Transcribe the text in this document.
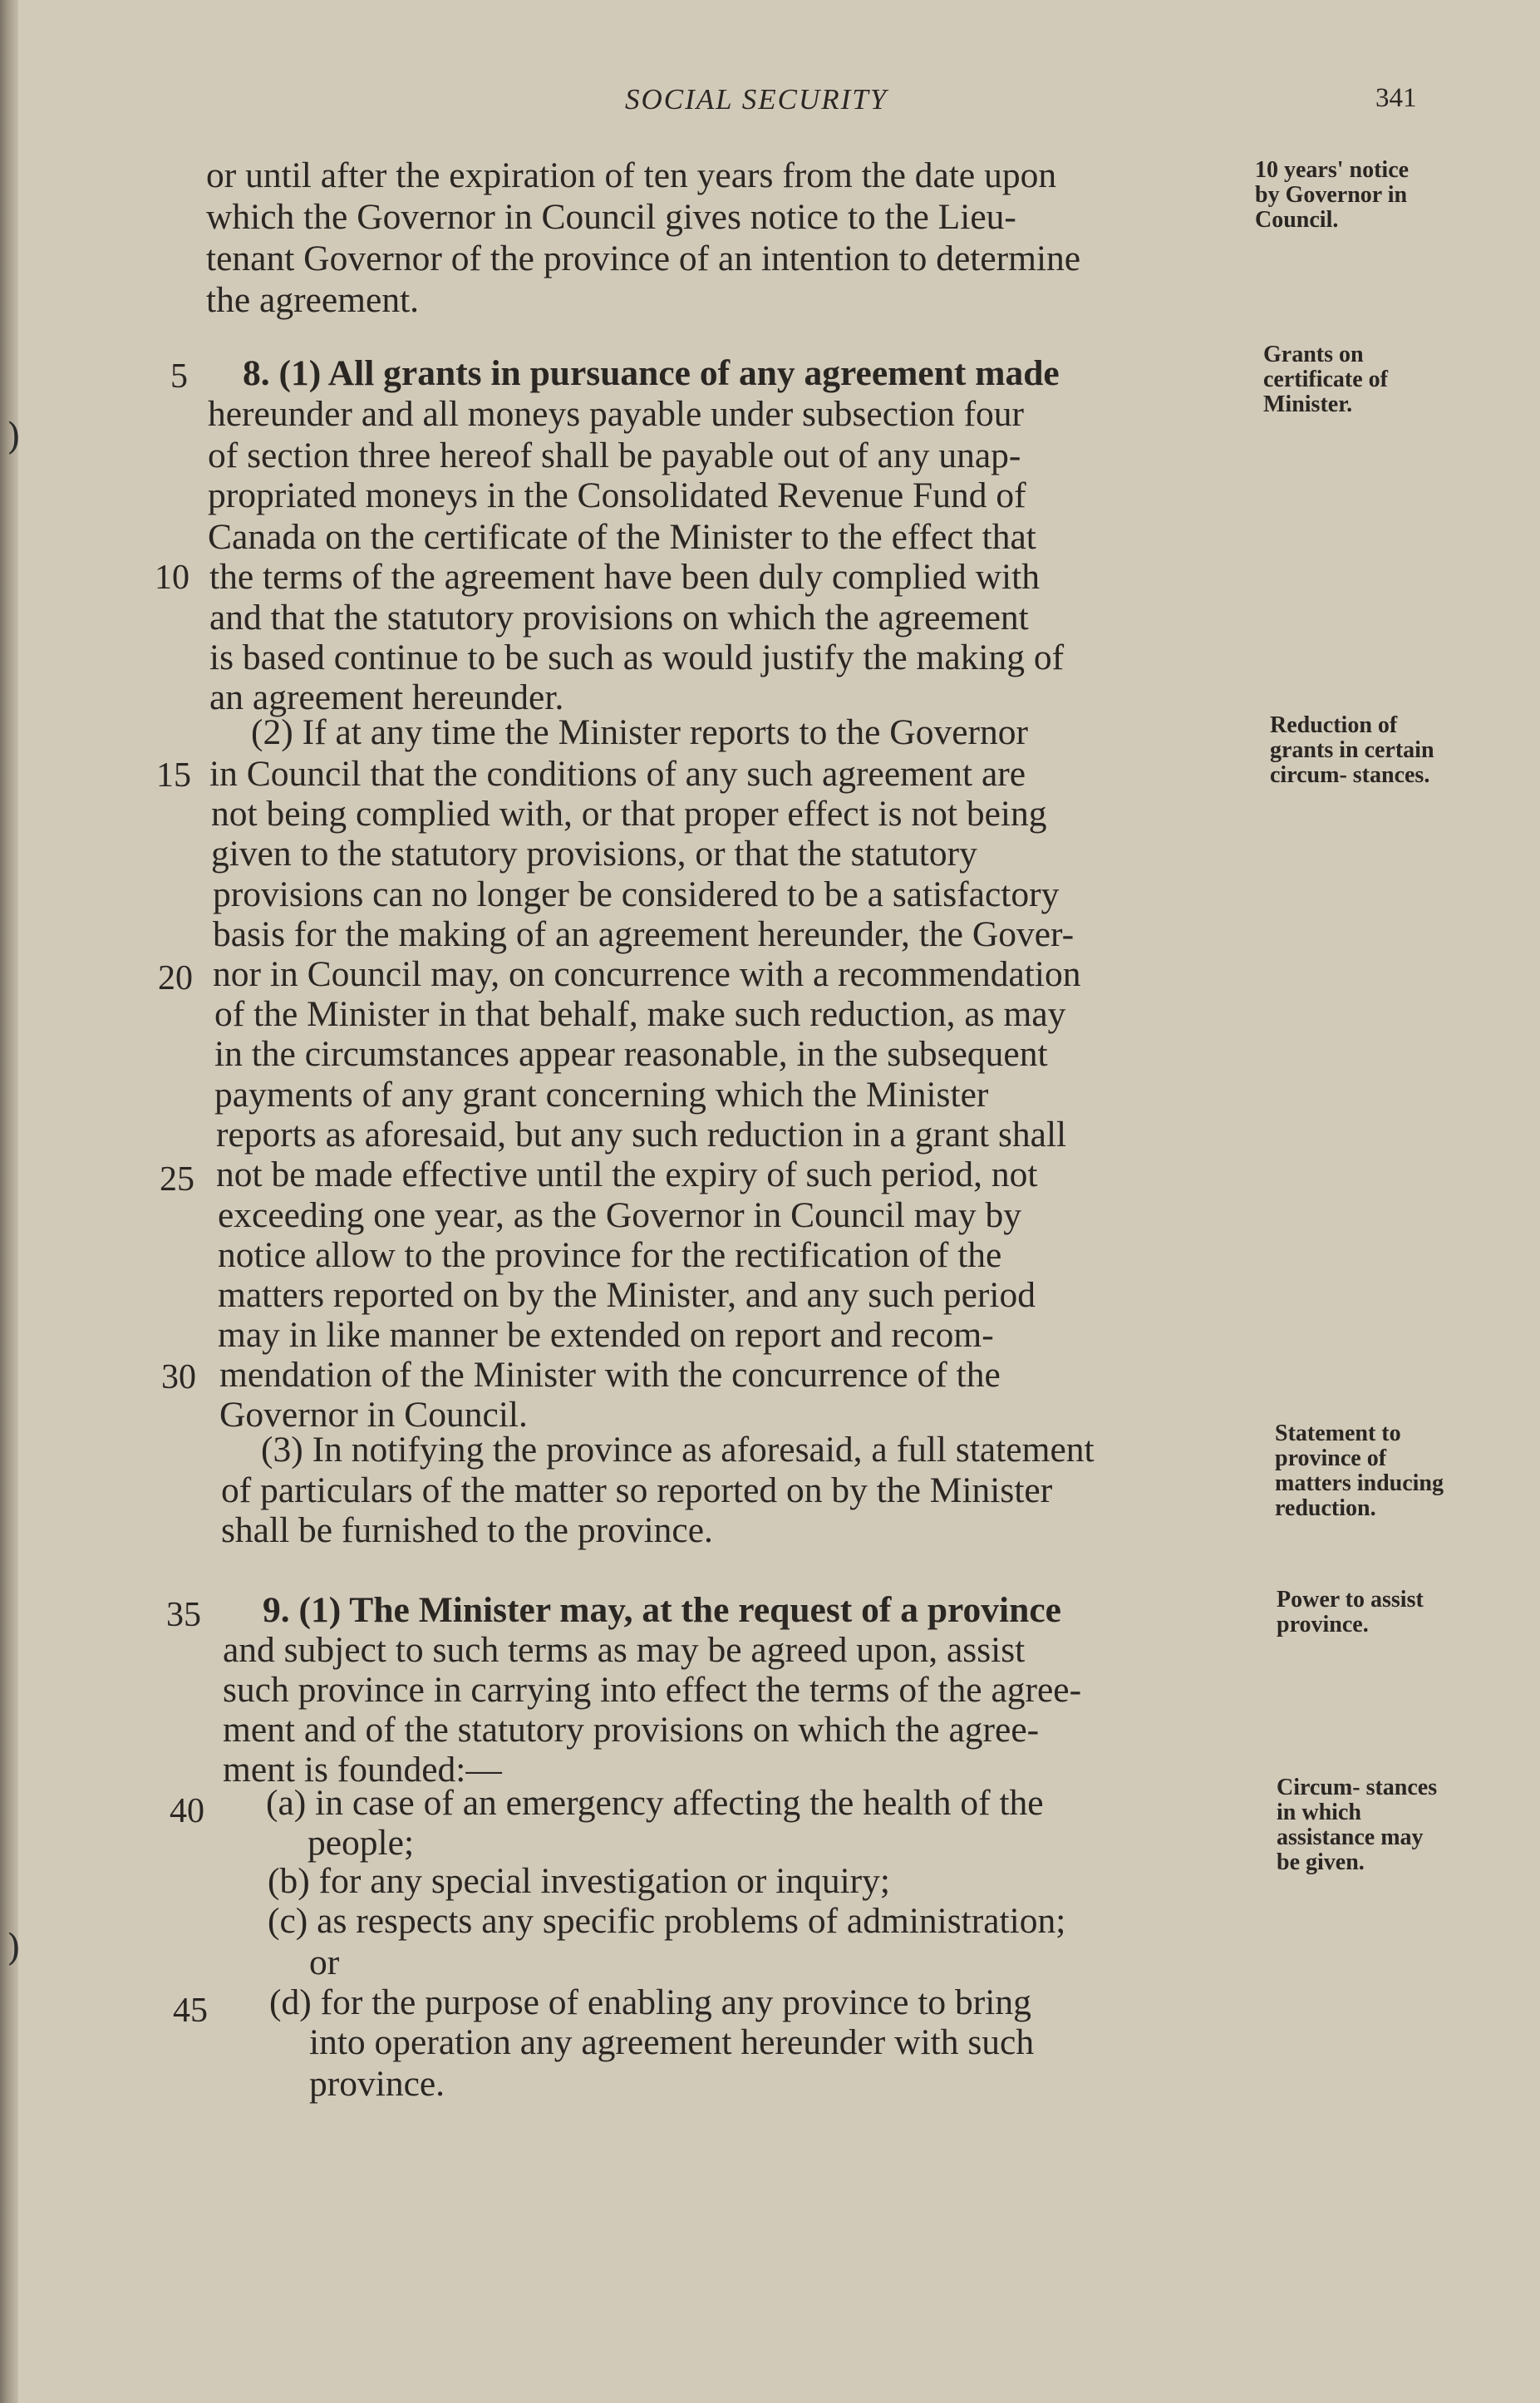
)
)
SOCIAL SECURITY	341
or until after the expiration of ten years from the date upon
which the Governor in Council gives notice to the Lieu-
tenant Governor of the province of an intention to determine
the agreement.
8. (1) All grants in pursuance of any agreement made
hereunder and all moneys payable under subsection four
of section three hereof shall be payable out of any unap-
propriated moneys in the Consolidated Revenue Fund of
Canada on the certificate of the Minister to the effect that
the terms of the agreement have been duly complied with
and that the statutory provisions on which the agreement
is based continue to be such as would justify the making of
an agreement hereunder.
(2) If at any time the Minister reports to the Governor
in Council that the conditions of any such agreement are
not being complied with, or that proper effect is not being
given to the statutory provisions, or that the statutory
provisions can no longer be considered to be a satisfactory
basis for the making of an agreement hereunder, the Gover-
nor in Council may, on concurrence with a recommendation
of the Minister in that behalf, make such reduction, as may
in the circumstances appear reasonable, in the subsequent
payments of any grant concerning which the Minister
reports as aforesaid, but any such reduction in a grant shall
not be made effective until the expiry of such period, not
exceeding one year, as the Governor in Council may by
notice allow to the province for the rectification of the
matters reported on by the Minister, and any such period
may in like manner be extended on report and recom-
mendation of the Minister with the concurrence of the
Governor in Council.
(3) In notifying the province as aforesaid, a full statement
of particulars of the matter so reported on by the Minister
shall be furnished to the province.
9. (1) The Minister may, at the request of a province
and subject to such terms as may be agreed upon, assist
such province in carrying into effect the terms of the agree-
ment and of the statutory provisions on which the agree-
ment is founded:—
(a) in case of an emergency affecting the health of the
people;
(b) for any special investigation or inquiry;
(c) as respects any specific problems of administration;
or
(d) for the purpose of enabling any province to bring
into operation any agreement hereunder with such
province.
5
10
15
20
25
30
35
40
45
10 years' notice by Governor in Council.
Grants on certificate of Minister.
Reduction of grants in certain circum- stances.
Statement to province of matters inducing reduction.
Power to assist province.
Circum- stances in which assistance may be given.
